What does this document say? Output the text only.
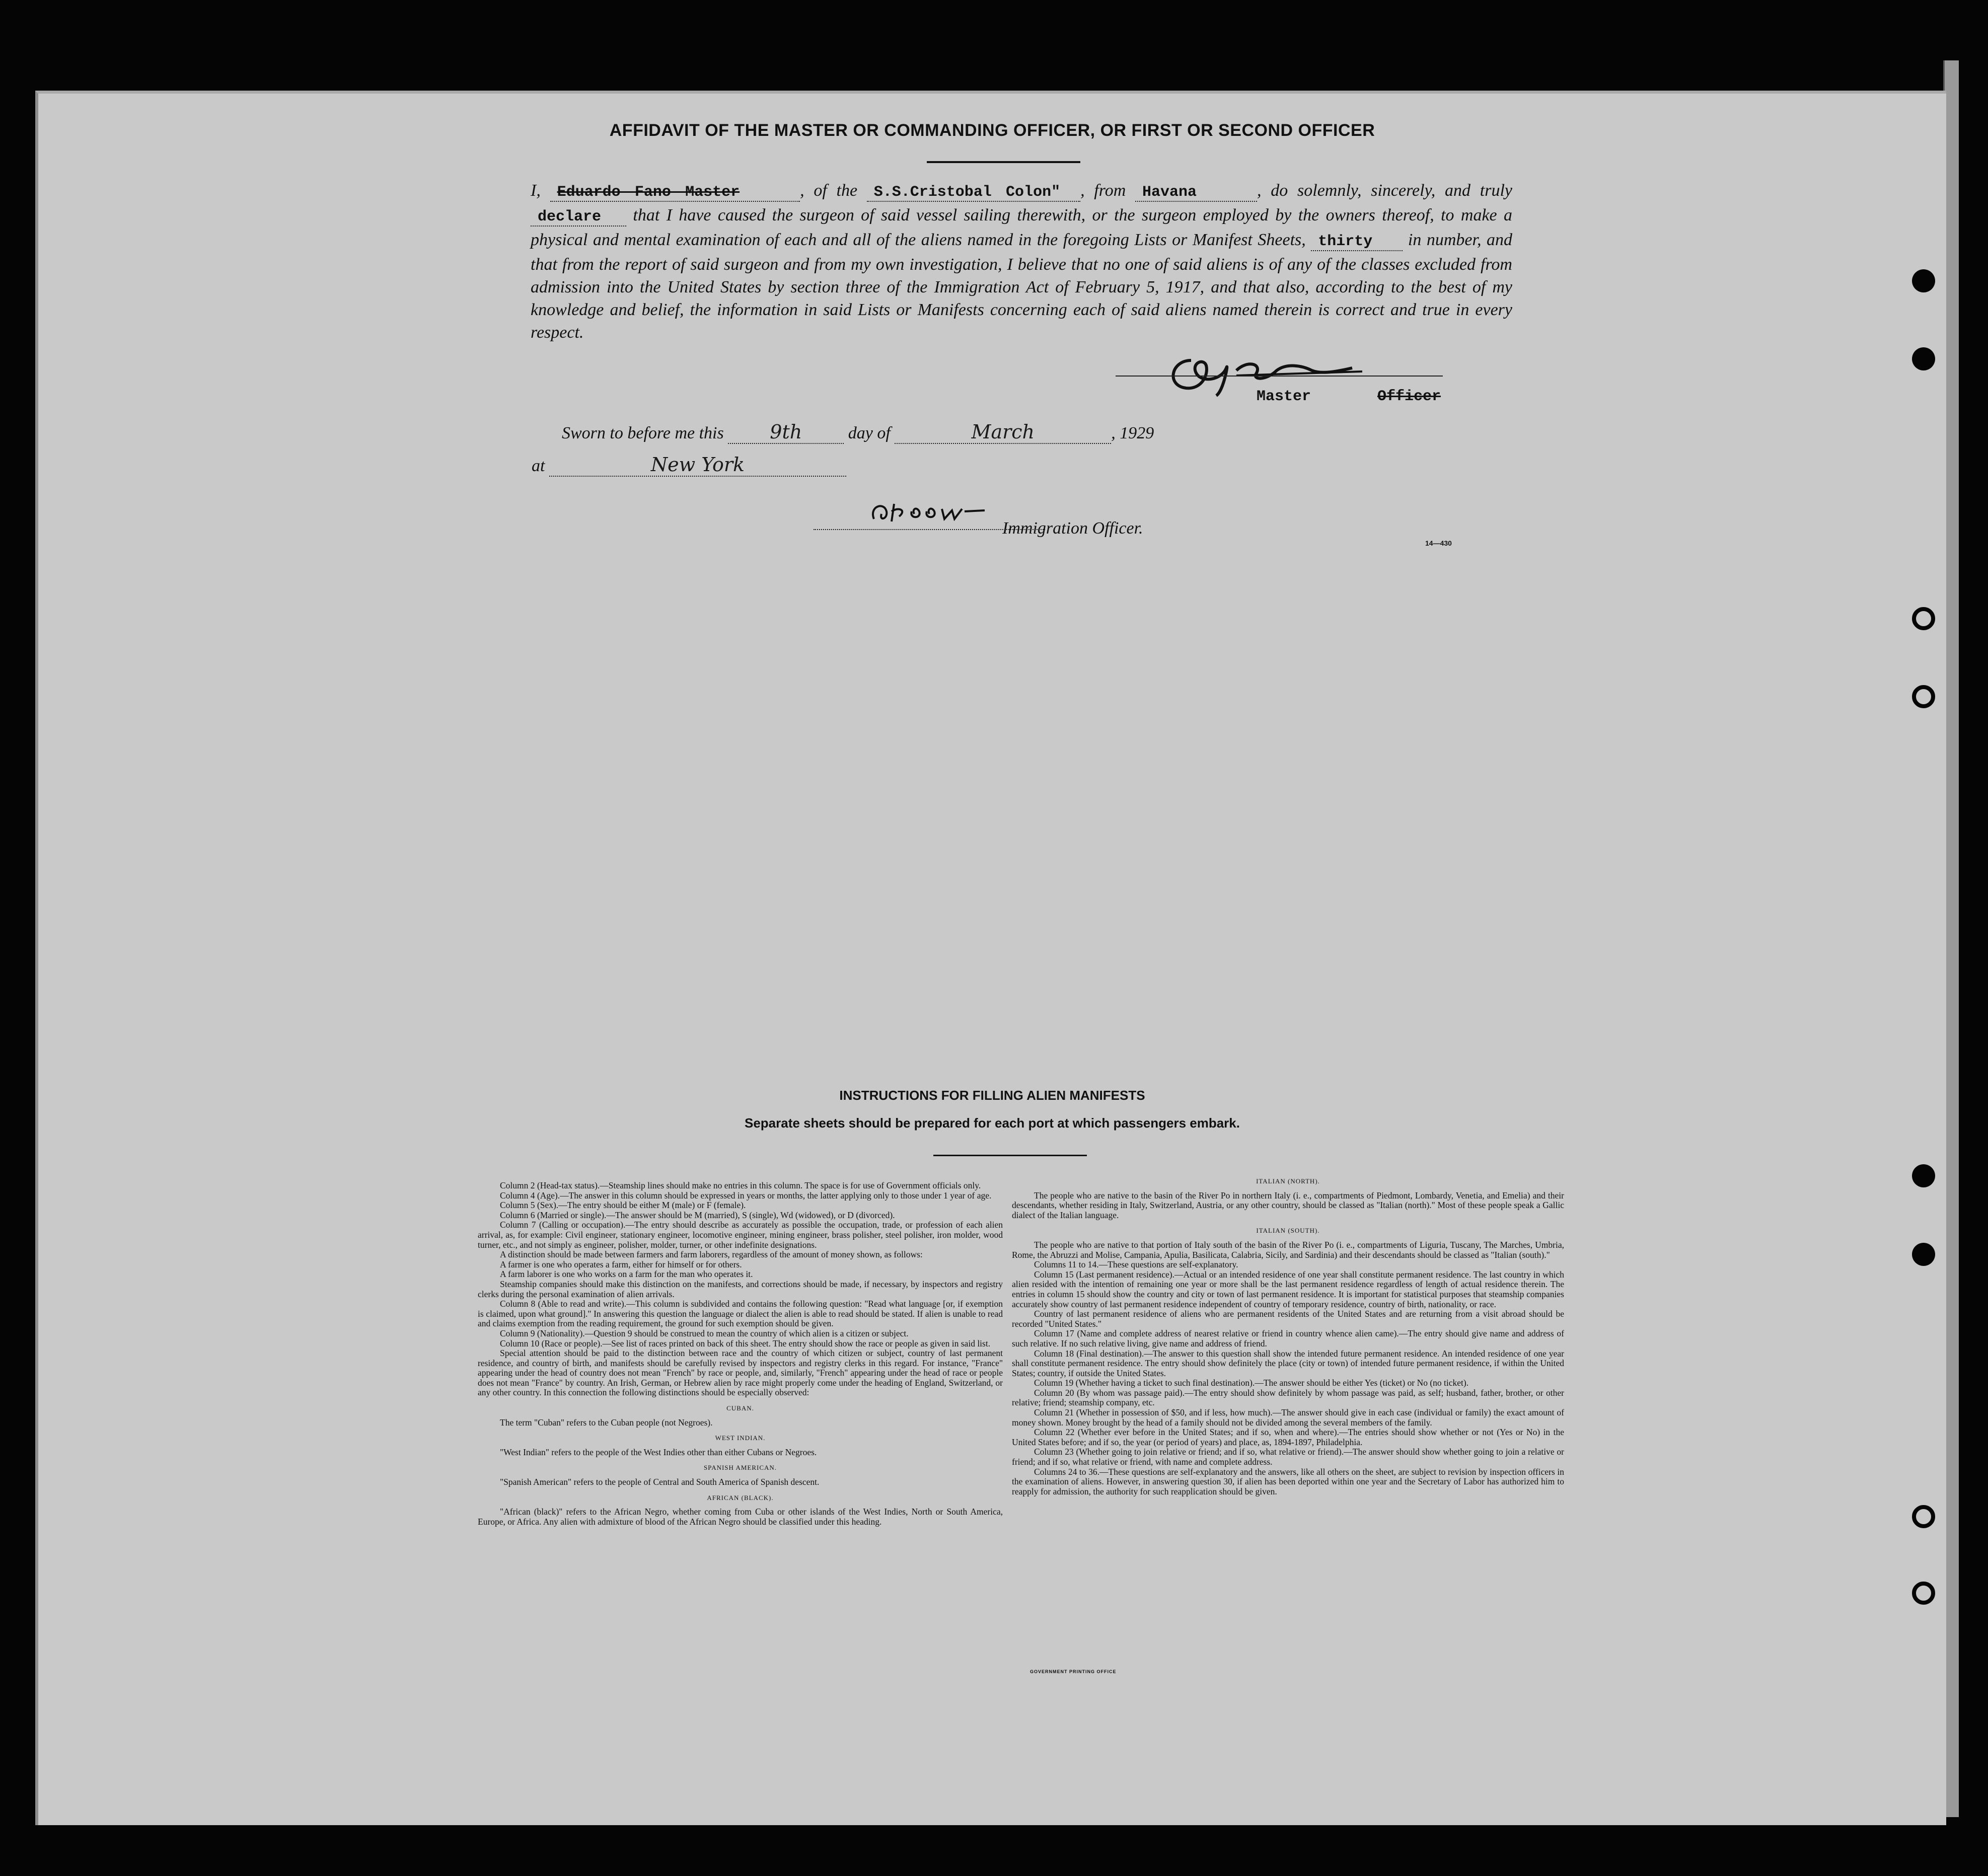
AFFIDAVIT OF THE MASTER OR COMMANDING OFFICER, OR FIRST OR SECOND OFFICER
I, Eduardo Fano Master	, of the S.S.Cristobal Colon" , from Havana	, do solemnly, sincerely, and truly declare that I have caused the surgeon of said vessel sailing therewith, or the surgeon employed by the owners thereof, to make a physical and mental examination of each and all of the aliens named in the foregoing Lists or Manifest Sheets, thirty in number, and that from the report of said surgeon and from my own investigation, I believe that no one of said aliens is of any of the classes excluded from admission into the United States by section three of the Immigration Act of February 5, 1917, and that also, according to the best of my knowledge and belief, the information in said Lists or Manifests concerning each of said aliens named therein is correct and true in every respect.
Master	Officer
Sworn to before me this 9th	day of	March	, 1929
at	New York
Immigration Officer.
14—430
INSTRUCTIONS FOR FILLING ALIEN MANIFESTS
Separate sheets should be prepared for each port at which passengers embark.

Column 2 (Head-tax status).—Steamship lines should make no entries in this column. The space is for use of Government officials only.

Column 4 (Age).—The answer in this column should be expressed in years or months, the latter applying only to those under 1 year of age.

Column 5 (Sex).—The entry should be either M (male) or F (female).

Column 6 (Married or single).—The answer should be M (married), S (single), Wd (widowed), or D (divorced).

Column 7 (Calling or occupation).—The entry should describe as accurately as possible the occupation, trade, or profession of each alien arrival, as, for example: Civil engineer, stationary engineer, locomotive engineer, mining engineer, brass polisher, steel polisher, iron molder, wood turner, etc., and not simply as engineer, polisher, molder, turner, or other indefinite designations.

A distinction should be made between farmers and farm laborers, regardless of the amount of money shown, as follows:

A farmer is one who operates a farm, either for himself or for others.

A farm laborer is one who works on a farm for the man who operates it.

Steamship companies should make this distinction on the manifests, and corrections should be made, if necessary, by inspectors and registry clerks during the personal examination of alien arrivals.

Column 8 (Able to read and write).—This column is subdivided and contains the following question: "Read what language [or, if exemption is claimed, upon what ground]." In answering this question the language or dialect the alien is able to read should be stated. If alien is unable to read and claims exemption from the reading requirement, the ground for such exemption should be given.

Column 9 (Nationality).—Question 9 should be construed to mean the country of which alien is a citizen or subject.

Column 10 (Race or people).—See list of races printed on back of this sheet. The entry should show the race or people as given in said list.

Special attention should be paid to the distinction between race and the country of which citizen or subject, country of last permanent residence, and country of birth, and manifests should be carefully revised by inspectors and registry clerks in this regard. For instance, "France" appearing under the head of country does not mean "French" by race or people, and, similarly, "French" appearing under the head of race or people does not mean "France" by country. An Irish, German, or Hebrew alien by race might properly come under the heading of England, Switzerland, or any other country. In this connection the following distinctions should be especially observed:

CUBAN.

The term "Cuban" refers to the Cuban people (not Negroes).

WEST INDIAN.

"West Indian" refers to the people of the West Indies other than either Cubans or Negroes.

SPANISH AMERICAN.

"Spanish American" refers to the people of Central and South America of Spanish descent.

AFRICAN (BLACK).

"African (black)" refers to the African Negro, whether coming from Cuba or other islands of the West Indies, North or South America, Europe, or Africa. Any alien with admixture of blood of the African Negro should be classified under this heading.

ITALIAN (NORTH).

The people who are native to the basin of the River Po in northern Italy (i. e., compartments of Piedmont, Lombardy, Venetia, and Emelia) and their descendants, whether residing in Italy, Switzerland, Austria, or any other country, should be classed as "Italian (north)." Most of these people speak a Gallic dialect of the Italian language.

ITALIAN (SOUTH).

The people who are native to that portion of Italy south of the basin of the River Po (i. e., compartments of Liguria, Tuscany, The Marches, Umbria, Rome, the Abruzzi and Molise, Campania, Apulia, Basilicata, Calabria, Sicily, and Sardinia) and their descendants should be classed as "Italian (south)."

Columns 11 to 14.—These questions are self-explanatory.

Column 15 (Last permanent residence).—Actual or an intended residence of one year shall constitute permanent residence. The last country in which alien resided with the intention of remaining one year or more shall be the last permanent residence regardless of length of actual residence therein. The entries in column 15 should show the country and city or town of last permanent residence. It is important for statistical purposes that steamship companies accurately show country of last permanent residence independent of country of temporary residence, country of birth, nationality, or race.

Country of last permanent residence of aliens who are permanent residents of the United States and are returning from a visit abroad should be recorded "United States."

Column 17 (Name and complete address of nearest relative or friend in country whence alien came).—The entry should give name and address of such relative. If no such relative living, give name and address of friend.

Column 18 (Final destination).—The answer to this question shall show the intended future permanent residence. An intended residence of one year shall constitute permanent residence. The entry should show definitely the place (city or town) of intended future permanent residence, if within the United States; country, if outside the United States.

Column 19 (Whether having a ticket to such final destination).—The answer should be either Yes (ticket) or No (no ticket).

Column 20 (By whom was passage paid).—The entry should show definitely by whom passage was paid, as self; husband, father, brother, or other relative; friend; steamship company, etc.

Column 21 (Whether in possession of $50, and if less, how much).—The answer should give in each case (individual or family) the exact amount of money shown. Money brought by the head of a family should not be divided among the several members of the family.

Column 22 (Whether ever before in the United States; and if so, when and where).—The entries should show whether or not (Yes or No) in the United States before; and if so, the year (or period of years) and place, as, 1894-1897, Philadelphia.

Column 23 (Whether going to join relative or friend; and if so, what relative or friend).—The answer should show whether going to join a relative or friend; and if so, what relative or friend, with name and complete address.

Columns 24 to 36.—These questions are self-explanatory and the answers, like all others on the sheet, are subject to revision by inspection officers in the examination of aliens. However, in answering question 30, if alien has been deported within one year and the Secretary of Labor has authorized him to reapply for admission, the authority for such reapplication should be given.

GOVERNMENT PRINTING OFFICE
